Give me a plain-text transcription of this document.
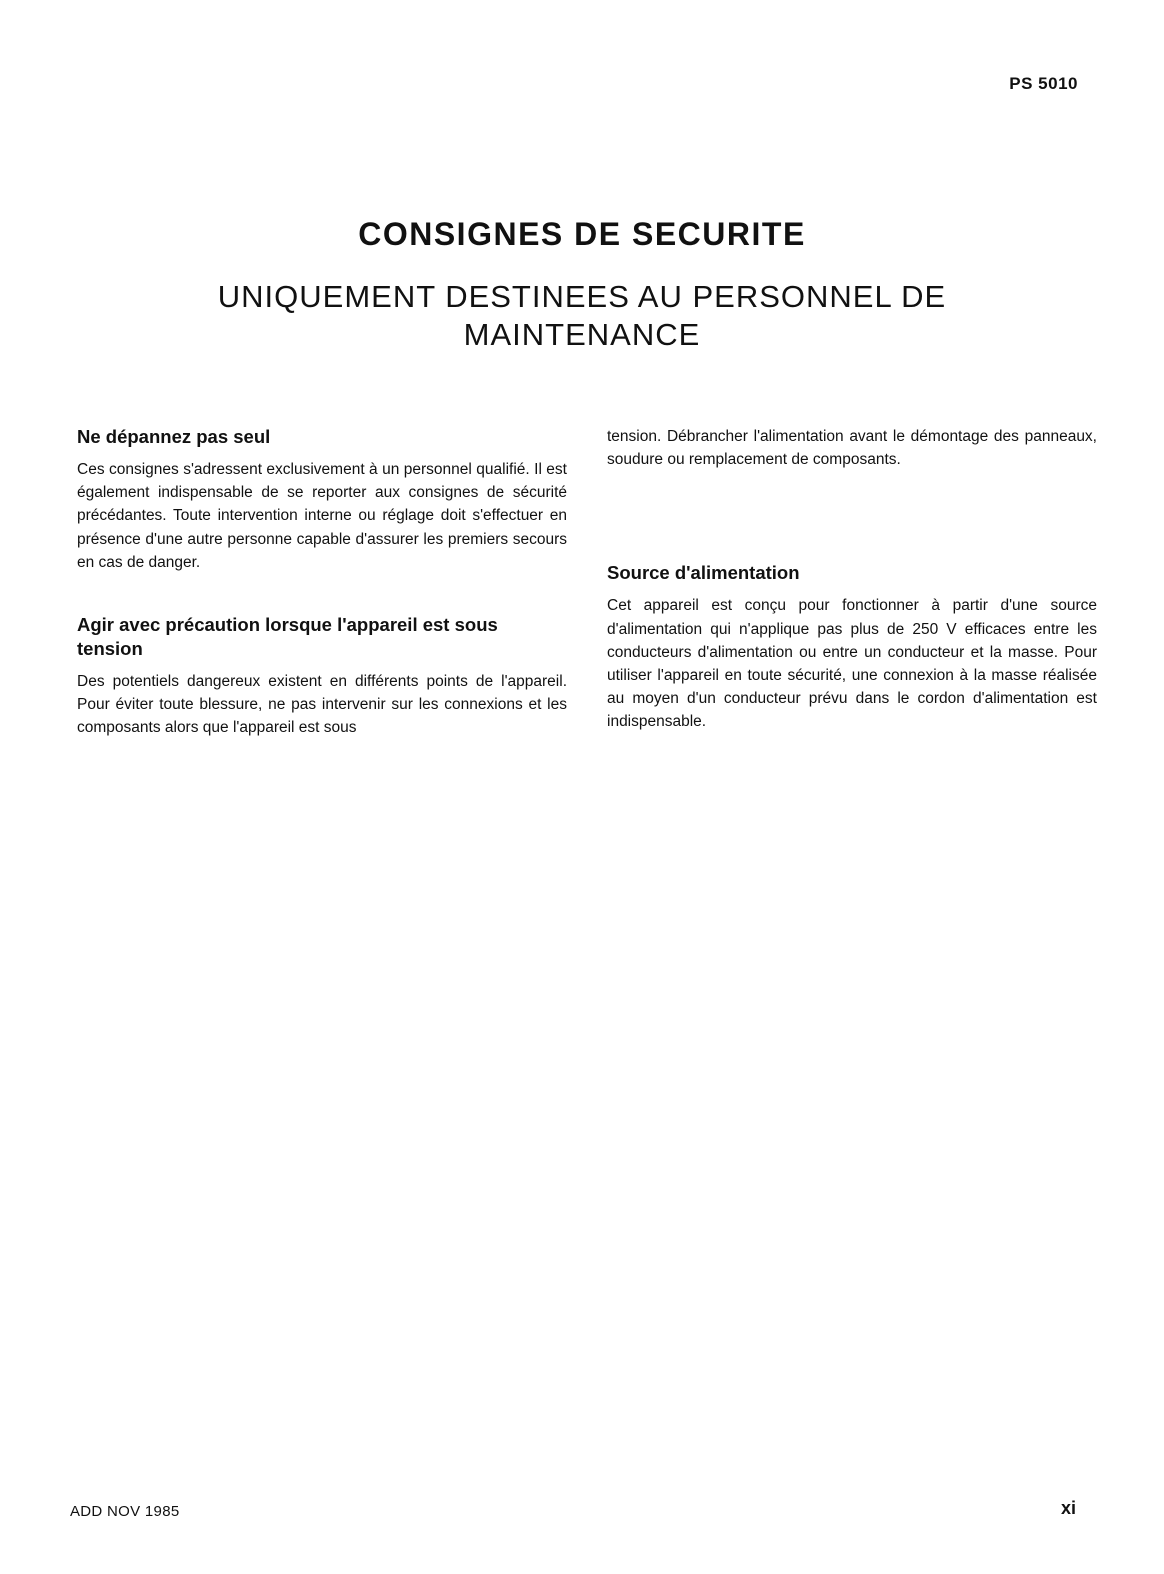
PS 5010
CONSIGNES DE SECURITE
UNIQUEMENT DESTINEES AU PERSONNEL DE MAINTENANCE
Ne dépannez pas seul

Ces consignes s'adressent exclusivement à un personnel qualifié. Il est également indispensable de se reporter aux consignes de sécurité précédantes. Toute intervention interne ou réglage doit s'effectuer en présence d'une autre personne capable d'assurer les premiers secours en cas de danger.

Agir avec précaution lorsque l'appareil est sous tension

Des potentiels dangereux existent en différents points de l'appareil. Pour éviter toute blessure, ne pas intervenir sur les connexions et les composants alors que l'appareil est sous

tension. Débrancher l'alimentation avant le démontage des panneaux, soudure ou remplacement de composants.

Source d'alimentation

Cet appareil est conçu pour fonctionner à partir d'une source d'alimentation qui n'applique pas plus de 250 V efficaces entre les conducteurs d'alimentation ou entre un conducteur et la masse. Pour utiliser l'appareil en toute sécurité, une connexion à la masse réalisée au moyen d'un conducteur prévu dans le cordon d'alimentation est indispensable.

ADD NOV 1985	xi
